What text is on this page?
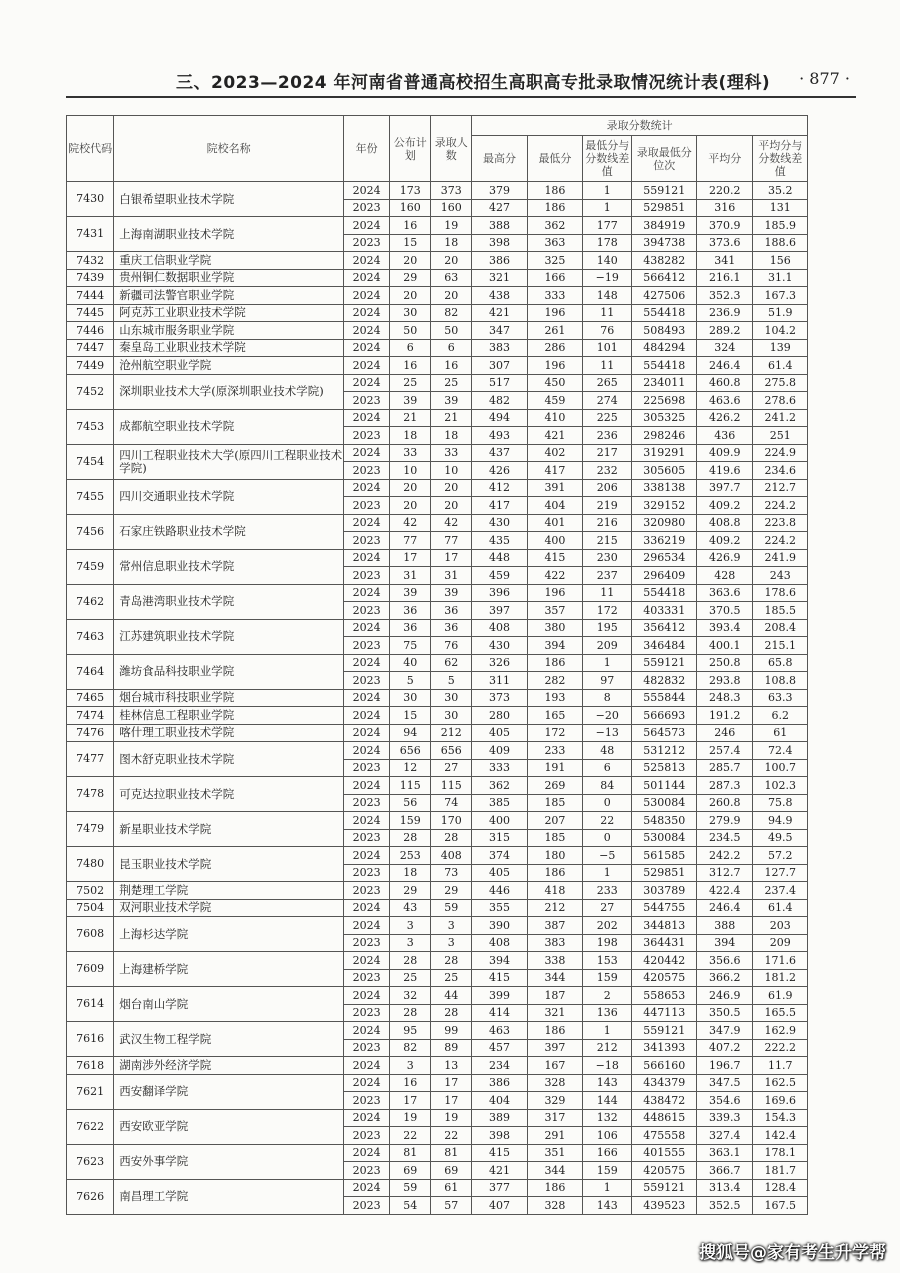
三、2023—2024 年河南省普通高校招生高职高专批录取情况统计表(理科) · 877 ·
院校代码	院校名称	年份	公布计划	录取人数	录取分数统计					
					最高分	最低分	最低分与分数线差值	录取最低分位次	平均分	平均分与分数线差值
7430	白银希望职业技术学院	2024	173	373	379	186	1	559121	220.2	35.2
		2023	160	160	427	186	1	529851	316	131
7431	上海南湖职业技术学院	2024	16	19	388	362	177	384919	370.9	185.9
		2023	15	18	398	363	178	394738	373.6	188.6
7432	重庆工信职业学院	2024	20	20	386	325	140	438282	341	156
7439	贵州铜仁数据职业学院	2024	29	63	321	166	−19	566412	216.1	31.1
7444	新疆司法警官职业学院	2024	20	20	438	333	148	427506	352.3	167.3
7445	阿克苏工业职业技术学院	2024	30	82	421	196	11	554418	236.9	51.9
7446	山东城市服务职业学院	2024	50	50	347	261	76	508493	289.2	104.2
7447	秦皇岛工业职业技术学院	2024	6	6	383	286	101	484294	324	139
7449	沧州航空职业学院	2024	16	16	307	196	11	554418	246.4	61.4
7452	深圳职业技术大学(原深圳职业技术学院)	2024	25	25	517	450	265	234011	460.8	275.8
		2023	39	39	482	459	274	225698	463.6	278.6
7453	成都航空职业技术学院	2024	21	21	494	410	225	305325	426.2	241.2
		2023	18	18	493	421	236	298246	436	251
7454	四川工程职业技术大学(原四川工程职业技术学院)	2024	33	33	437	402	217	319291	409.9	224.9
		2023	10	10	426	417	232	305605	419.6	234.6
7455	四川交通职业技术学院	2024	20	20	412	391	206	338138	397.7	212.7
		2023	20	20	417	404	219	329152	409.2	224.2
7456	石家庄铁路职业技术学院	2024	42	42	430	401	216	320980	408.8	223.8
		2023	77	77	435	400	215	336219	409.2	224.2
7459	常州信息职业技术学院	2024	17	17	448	415	230	296534	426.9	241.9
		2023	31	31	459	422	237	296409	428	243
7462	青岛港湾职业技术学院	2024	39	39	396	196	11	554418	363.6	178.6
		2023	36	36	397	357	172	403331	370.5	185.5
7463	江苏建筑职业技术学院	2024	36	36	408	380	195	356412	393.4	208.4
		2023	75	76	430	394	209	346484	400.1	215.1
7464	潍坊食品科技职业学院	2024	40	62	326	186	1	559121	250.8	65.8
		2023	5	5	311	282	97	482832	293.8	108.8
7465	烟台城市科技职业学院	2024	30	30	373	193	8	555844	248.3	63.3
7474	桂林信息工程职业学院	2024	15	30	280	165	−20	566693	191.2	6.2
7476	喀什理工职业技术学院	2024	94	212	405	172	−13	564573	246	61
7477	图木舒克职业技术学院	2024	656	656	409	233	48	531212	257.4	72.4
		2023	12	27	333	191	6	525813	285.7	100.7
7478	可克达拉职业技术学院	2024	115	115	362	269	84	501144	287.3	102.3
		2023	56	74	385	185	0	530084	260.8	75.8
7479	新星职业技术学院	2024	159	170	400	207	22	548350	279.9	94.9
		2023	28	28	315	185	0	530084	234.5	49.5
7480	昆玉职业技术学院	2024	253	408	374	180	−5	561585	242.2	57.2
		2023	18	73	405	186	1	529851	312.7	127.7
7502	荆楚理工学院	2023	29	29	446	418	233	303789	422.4	237.4
7504	双河职业技术学院	2024	43	59	355	212	27	544755	246.4	61.4
7608	上海杉达学院	2024	3	3	390	387	202	344813	388	203
		2023	3	3	408	383	198	364431	394	209
7609	上海建桥学院	2024	28	28	394	338	153	420442	356.6	171.6
		2023	25	25	415	344	159	420575	366.2	181.2
7614	烟台南山学院	2024	32	44	399	187	2	558653	246.9	61.9
		2023	28	28	414	321	136	447113	350.5	165.5
7616	武汉生物工程学院	2024	95	99	463	186	1	559121	347.9	162.9
		2023	82	89	457	397	212	341393	407.2	222.2
7618	湖南涉外经济学院	2024	3	13	234	167	−18	566160	196.7	11.7
7621	西安翻译学院	2024	16	17	386	328	143	434379	347.5	162.5
		2023	17	17	404	329	144	438472	354.6	169.6
7622	西安欧亚学院	2024	19	19	389	317	132	448615	339.3	154.3
		2023	22	22	398	291	106	475558	327.4	142.4
7623	西安外事学院	2024	81	81	415	351	166	401555	363.1	178.1
		2023	69	69	421	344	159	420575	366.7	181.7
7626	南昌理工学院	2024	59	61	377	186	1	559121	313.4	128.4
		2023	54	57	407	328	143	439523	352.5	167.5
搜狐号@家有考生升学帮
